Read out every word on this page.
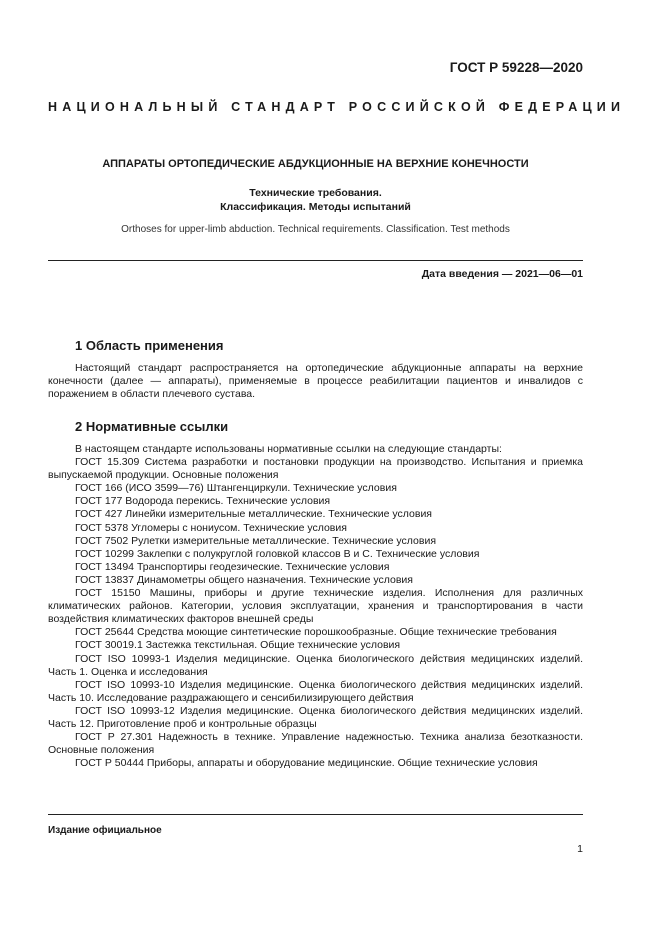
ГОСТ Р 59228—2020
НАЦИОНАЛЬНЫЙ СТАНДАРТ РОССИЙСКОЙ ФЕДЕРАЦИИ
АППАРАТЫ ОРТОПЕДИЧЕСКИЕ АБДУКЦИОННЫЕ НА ВЕРХНИЕ КОНЕЧНОСТИ
Технические требования.
Классификация. Методы испытаний
Orthoses for upper-limb abduction. Technical requirements. Classification. Test methods
Дата введения — 2021—06—01
1 Область применения

Настоящий стандарт распространяется на ортопедические абдукционные аппараты на верхние конечности (далее — аппараты), применяемые в процессе реабилитации пациентов и инвалидов с поражением в области плечевого сустава.

2 Нормативные ссылки

В настоящем стандарте использованы нормативные ссылки на следующие стандарты:

ГОСТ 15.309 Система разработки и постановки продукции на производство. Испытания и приемка выпускаемой продукции. Основные положения

ГОСТ 166 (ИСО 3599—76) Штангенциркули. Технические условия

ГОСТ 177 Водорода перекись. Технические условия

ГОСТ 427 Линейки измерительные металлические. Технические условия

ГОСТ 5378 Угломеры с нониусом. Технические условия

ГОСТ 7502 Рулетки измерительные металлические. Технические условия

ГОСТ 10299 Заклепки с полукруглой головкой классов В и С. Технические условия

ГОСТ 13494 Транспортиры геодезические. Технические условия

ГОСТ 13837 Динамометры общего назначения. Технические условия

ГОСТ 15150 Машины, приборы и другие технические изделия. Исполнения для различных климатических районов. Категории, условия эксплуатации, хранения и транспортирования в части воздействия климатических факторов внешней среды

ГОСТ 25644 Средства моющие синтетические порошкообразные. Общие технические требования

ГОСТ 30019.1 Застежка текстильная. Общие технические условия

ГОСТ ISO 10993-1 Изделия медицинские. Оценка биологического действия медицинских изделий. Часть 1. Оценка и исследования

ГОСТ ISO 10993-10 Изделия медицинские. Оценка биологического действия медицинских изделий. Часть 10. Исследование раздражающего и сенсибилизирующего действия

ГОСТ ISO 10993-12 Изделия медицинские. Оценка биологического действия медицинских изделий. Часть 12. Приготовление проб и контрольные образцы

ГОСТ Р 27.301 Надежность в технике. Управление надежностью. Техника анализа безотказности. Основные положения

ГОСТ Р 50444 Приборы, аппараты и оборудование медицинские. Общие технические условия

Издание официальное
1
